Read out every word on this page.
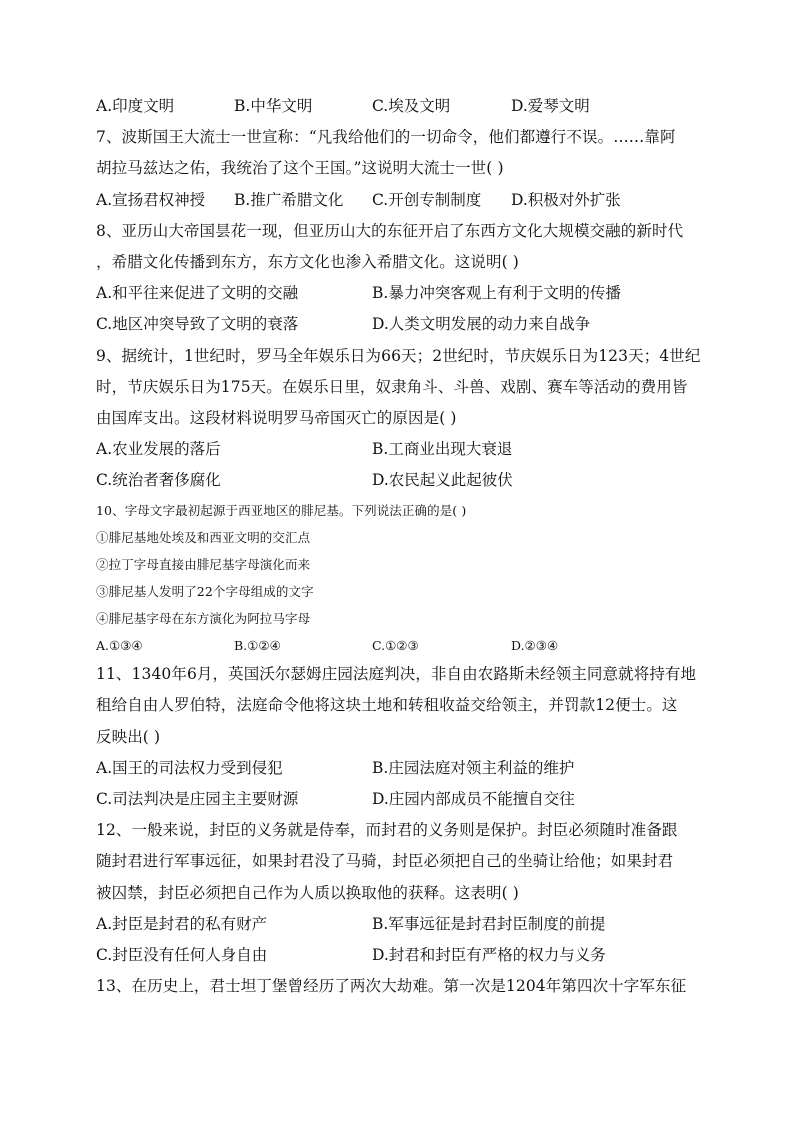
A.印度文明	B.中华文明	C.埃及文明	D.爱琴文明
7、波斯国王大流士一世宣称：“凡我给他们的一切命令，他们都遵行不误。……靠阿
胡拉马兹达之佑，我统治了这个王国。”这说明大流士一世( )
A.宣扬君权神授 B.推广希腊文化 C.开创专制制度 D.积极对外扩张
8、亚历山大帝国昙花一现，但亚历山大的东征开启了东西方文化大规模交融的新时代
，希腊文化传播到东方，东方文化也渗入希腊文化。这说明( )
A.和平往来促进了文明的交融	B.暴力冲突客观上有利于文明的传播
C.地区冲突导致了文明的衰落	D.人类文明发展的动力来自战争
9、据统计，1世纪时，罗马全年娱乐日为66天；2世纪时，节庆娱乐日为123天；4世纪
时，节庆娱乐日为175天。在娱乐日里，奴隶角斗、斗兽、戏剧、赛车等活动的费用皆
由国库支出。这段材料说明罗马帝国灭亡的原因是( )
A.农业发展的落后	B.工商业出现大衰退
C.统治者奢侈腐化	D.农民起义此起彼伏
10、字母文字最初起源于西亚地区的腓尼基。下列说法正确的是( )
①腓尼基地处埃及和西亚文明的交汇点
②拉丁字母直接由腓尼基字母演化而来
③腓尼基人发明了22个字母组成的文字
④腓尼基字母在东方演化为阿拉马字母
A.①③④	B.①②④	C.①②③	D.②③④
11、1340年6月，英国沃尔瑟姆庄园法庭判决，非自由农路斯未经领主同意就将持有地
租给自由人罗伯特，法庭命令他将这块土地和转租收益交给领主，并罚款12便士。这
反映出( )
A.国王的司法权力受到侵犯	B.庄园法庭对领主利益的维护
C.司法判决是庄园主主要财源	D.庄园内部成员不能擅自交往
12、一般来说，封臣的义务就是侍奉，而封君的义务则是保护。封臣必须随时准备跟
随封君进行军事远征，如果封君没了马骑，封臣必须把自己的坐骑让给他；如果封君
被囚禁，封臣必须把自己作为人质以换取他的获释。这表明( )
A.封臣是封君的私有财产	B.军事远征是封君封臣制度的前提
C.封臣没有任何人身自由	D.封君和封臣有严格的权力与义务
13、在历史上，君士坦丁堡曾经历了两次大劫难。第一次是1204年第四次十字军东征
